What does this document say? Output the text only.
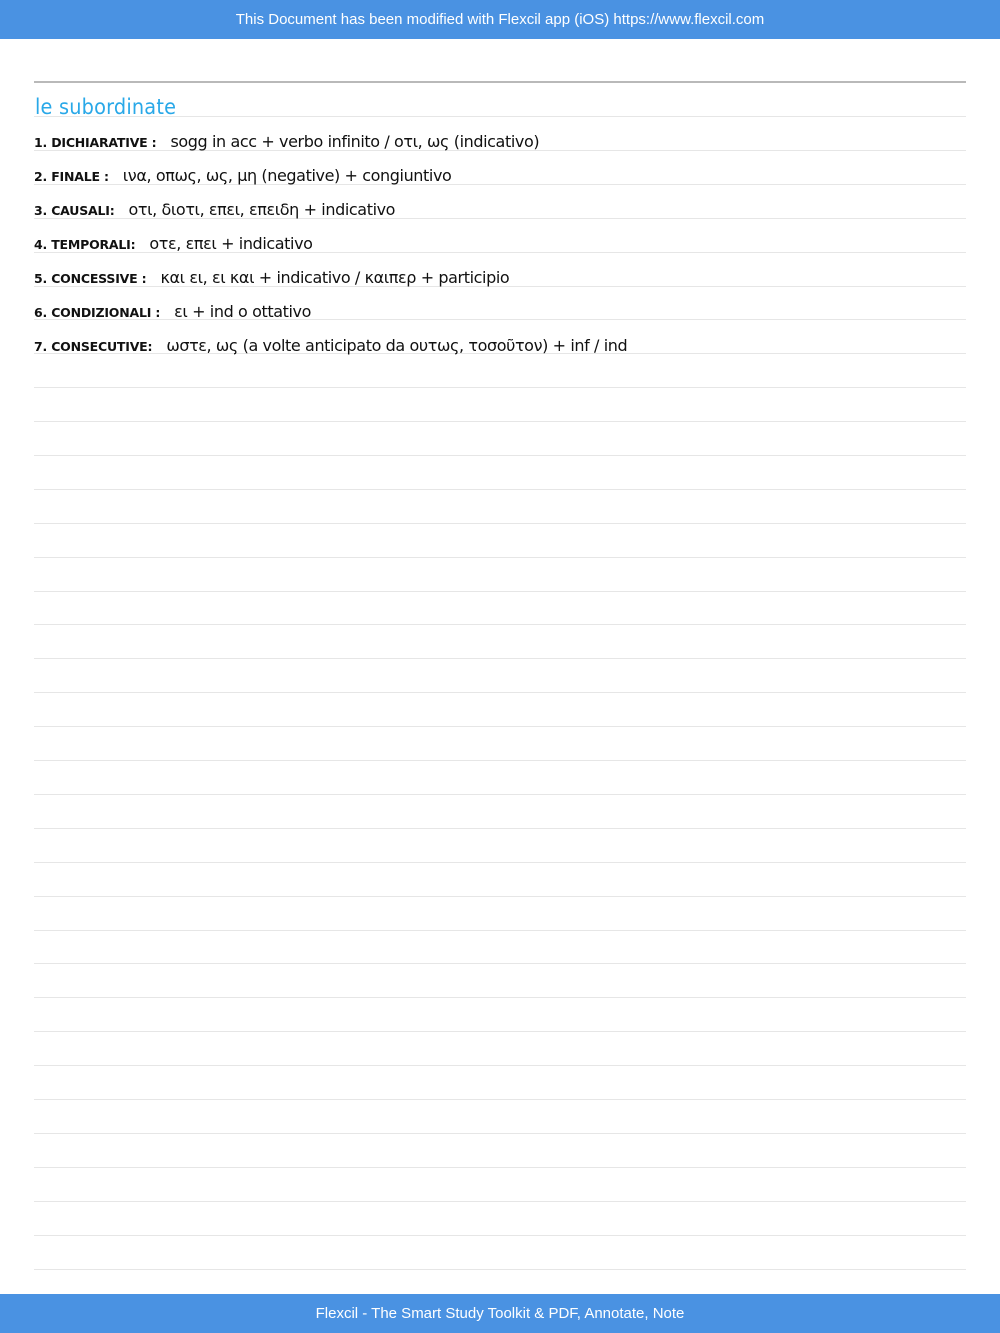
This Document has been modified with Flexcil app (iOS) https://www.flexcil.com
le subordinate
1. DICHIARATIVE : sogg in acc + verbo infinito / οτι, ως (indicativo)
2. FINALE : ινα, οπως, ως, μη (negative) + congiuntivo
3. CAUSALI: οτι, διοτι, επει, επειδη + indicativo
4. TEMPORALI: οτε, επει + indicativo
5. CONCESSIVE : και ει, ει και + indicativo / καιπερ + participio
6. CONDIZIONALI : ει + ind o ottativo
7. CONSECUTIVE: ωστε, ως (a volte anticipato da ουτως, τοσοῦτον) + inf / ind
Flexcil - The Smart Study Toolkit & PDF, Annotate, Note
